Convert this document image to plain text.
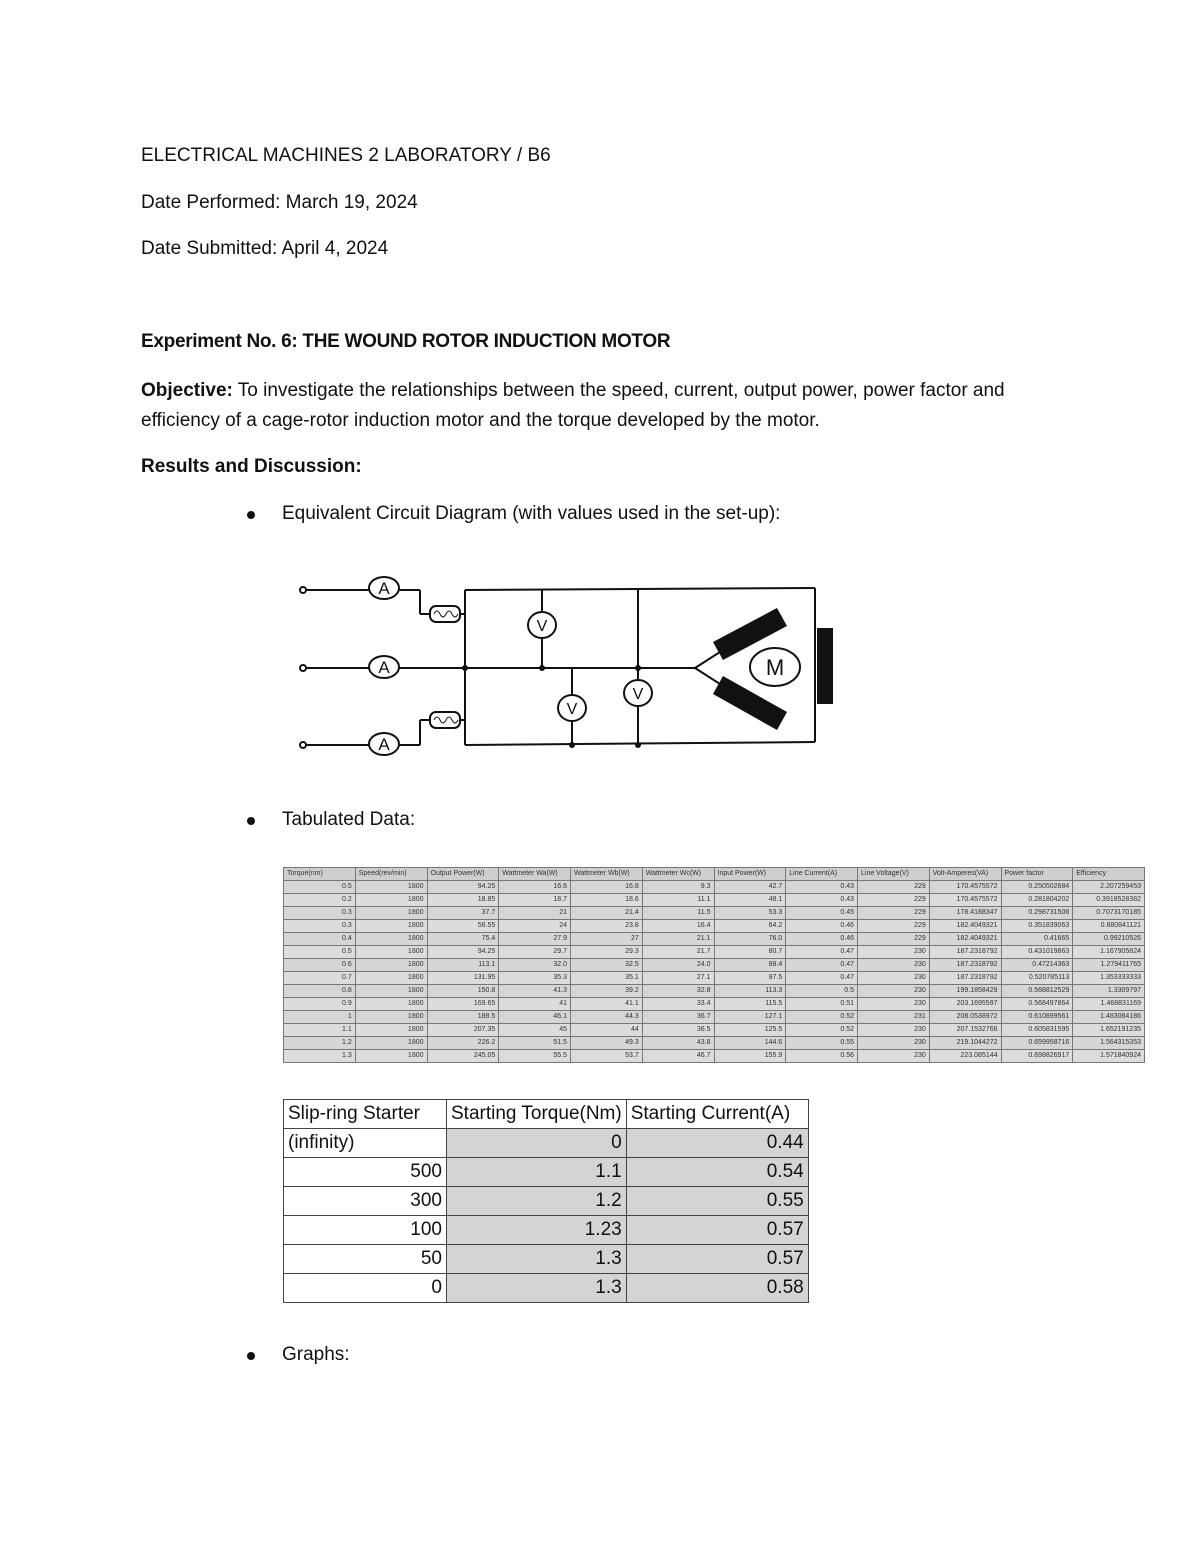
ELECTRICAL MACHINES 2 LABORATORY / B6
Date Performed: March 19, 2024
Date Submitted: April 4, 2024
Experiment No. 6: THE WOUND ROTOR INDUCTION MOTOR
Objective: To investigate the relationships between the speed, current, output power, power factor and efficiency of a cage-rotor induction motor and the torque developed by the motor.
Results and Discussion:
Equivalent Circuit Diagram (with values used in the set-up):
A
A
A
V
V
V
M
Tabulated Data:
Torque(nm)	Speed(rev/min)	Output Power(W)	Wattmeter Wa(W)	Wattmeter Wb(W)	Wattmeter Wc(W)	Input Power(W)	Line Current(A)	Line Voltage(V)	Volt-Amperes(VA)	Power factor	Efficiency
0.5	1800	94.25	16.6	16.8	9.3	42.7	0.43	229	170.4575572	0.250502684	2.207259453
0.2	1800	18.85	18.7	18.6	11.1	48.1	0.43	229	170.4575572	0.281804202	0.3918528382
0.3	1800	37.7	21	21.4	11.5	53.3	0.45	229	178.4188347	0.298731506	0.7073170185
0.3	1800	56.55	24	23.8	16.4	64.2	0.46	229	182.4049321	0.351839063	0.880841121
0.4	1800	75.4	27.9	27	21.1	76.0	0.46	229	182.4049321	0.41665	0.99210526
0.5	1800	94.25	29.7	29.3	21.7	80.7	0.47	230	187.2318792	0.431019863	1.167905824
0.6	1800	113.1	32.0	32.5	24.0	88.4	0.47	230	187.2318792	0.47214363	1.279411765
0.7	1800	131.95	35.3	35.1	27.1	97.5	0.47	230	187.2318792	0.520785113	1.353333333
0.8	1800	150.8	41.3	39.2	32.8	113.3	0.5	230	199.1858429	0.568812529	1.3309797
0.9	1800	169.65	41	41.1	33.4	115.5	0.51	230	203.1695597	0.568497864	1.468831169
1	1800	188.5	46.1	44.3	36.7	127.1	0.52	231	208.0538972	0.610899561	1.483084186
1.1	1800	207.35	45	44	36.5	125.5	0.52	230	207.1532766	0.605831595	1.652191235
1.2	1800	226.2	51.5	49.3	43.8	144.6	0.55	230	219.1044272	0.659958716	1.564315353
1.3	1800	245.05	55.5	53.7	46.7	155.9	0.56	230	223.085144	0.698826917	1.571840924
Slip-ring Starter	Starting Torque(Nm)	Starting Current(A)
(infinity)	0	0.44
500	1.1	0.54
300	1.2	0.55
100	1.23	0.57
50	1.3	0.57
0	1.3	0.58
Graphs:
